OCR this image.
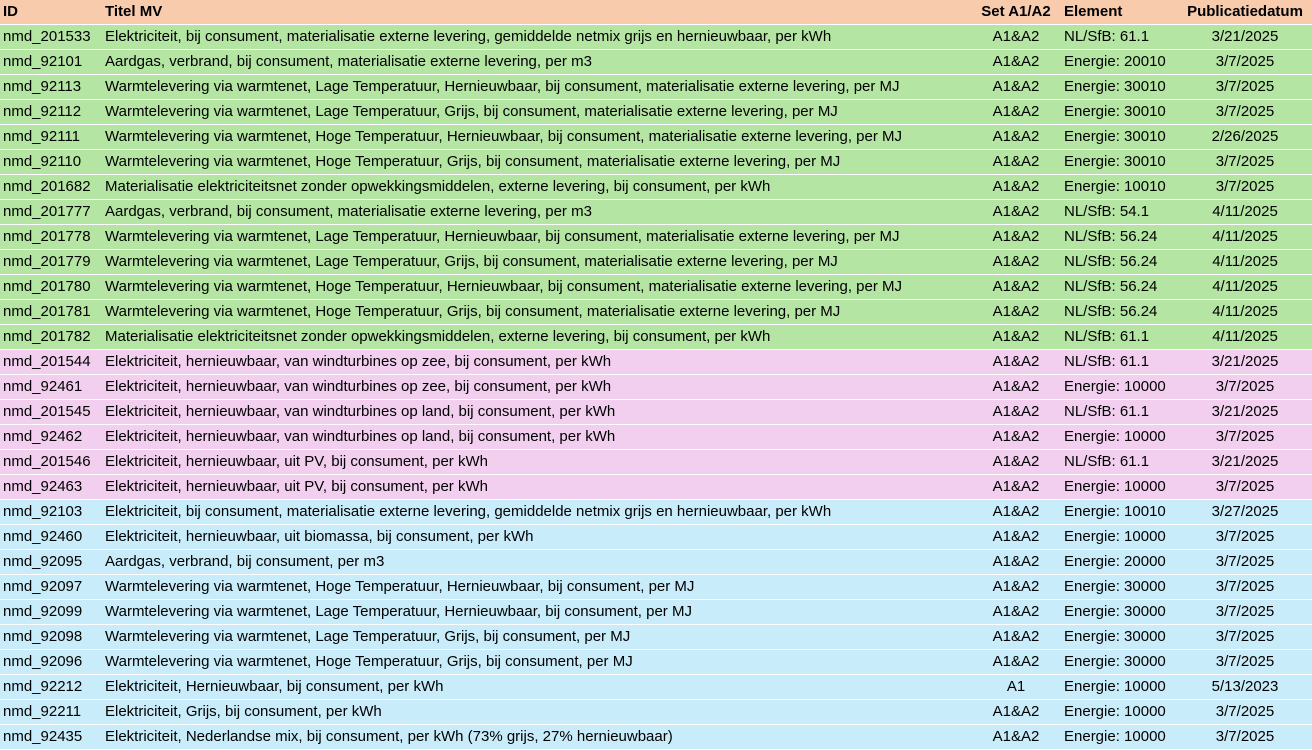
ID	Titel MV	Set A1/A2	Element	Publicatiedatum
nmd_201533	Elektriciteit, bij consument, materialisatie externe levering, gemiddelde netmix grijs en hernieuwbaar, per kWh	A1&A2	NL/SfB: 61.1	3/21/2025
nmd_92101	Aardgas, verbrand, bij consument, materialisatie externe levering, per m3	A1&A2	Energie: 20010	3/7/2025
nmd_92113	Warmtelevering via warmtenet, Lage Temperatuur, Hernieuwbaar, bij consument, materialisatie externe levering, per MJ	A1&A2	Energie: 30010	3/7/2025
nmd_92112	Warmtelevering via warmtenet, Lage Temperatuur, Grijs, bij consument, materialisatie externe levering, per MJ	A1&A2	Energie: 30010	3/7/2025
nmd_92111	Warmtelevering via warmtenet, Hoge Temperatuur, Hernieuwbaar, bij consument, materialisatie externe levering, per MJ	A1&A2	Energie: 30010	2/26/2025
nmd_92110	Warmtelevering via warmtenet, Hoge Temperatuur, Grijs, bij consument, materialisatie externe levering, per MJ	A1&A2	Energie: 30010	3/7/2025
nmd_201682	Materialisatie elektriciteitsnet zonder opwekkingsmiddelen, externe levering, bij consument, per kWh	A1&A2	Energie: 10010	3/7/2025
nmd_201777	Aardgas, verbrand, bij consument, materialisatie externe levering, per m3	A1&A2	NL/SfB: 54.1	4/11/2025
nmd_201778	Warmtelevering via warmtenet, Lage Temperatuur, Hernieuwbaar, bij consument, materialisatie externe levering, per MJ	A1&A2	NL/SfB: 56.24	4/11/2025
nmd_201779	Warmtelevering via warmtenet, Lage Temperatuur, Grijs, bij consument, materialisatie externe levering, per MJ	A1&A2	NL/SfB: 56.24	4/11/2025
nmd_201780	Warmtelevering via warmtenet, Hoge Temperatuur, Hernieuwbaar, bij consument, materialisatie externe levering, per MJ	A1&A2	NL/SfB: 56.24	4/11/2025
nmd_201781	Warmtelevering via warmtenet, Hoge Temperatuur, Grijs, bij consument, materialisatie externe levering, per MJ	A1&A2	NL/SfB: 56.24	4/11/2025
nmd_201782	Materialisatie elektriciteitsnet zonder opwekkingsmiddelen, externe levering, bij consument, per kWh	A1&A2	NL/SfB: 61.1	4/11/2025
nmd_201544	Elektriciteit, hernieuwbaar, van windturbines op zee, bij consument, per kWh	A1&A2	NL/SfB: 61.1	3/21/2025
nmd_92461	Elektriciteit, hernieuwbaar, van windturbines op zee, bij consument, per kWh	A1&A2	Energie: 10000	3/7/2025
nmd_201545	Elektriciteit, hernieuwbaar, van windturbines op land, bij consument, per kWh	A1&A2	NL/SfB: 61.1	3/21/2025
nmd_92462	Elektriciteit, hernieuwbaar, van windturbines op land, bij consument, per kWh	A1&A2	Energie: 10000	3/7/2025
nmd_201546	Elektriciteit, hernieuwbaar, uit PV, bij consument, per kWh	A1&A2	NL/SfB: 61.1	3/21/2025
nmd_92463	Elektriciteit, hernieuwbaar, uit PV, bij consument, per kWh	A1&A2	Energie: 10000	3/7/2025
nmd_92103	Elektriciteit, bij consument, materialisatie externe levering, gemiddelde netmix grijs en hernieuwbaar, per kWh	A1&A2	Energie: 10010	3/27/2025
nmd_92460	Elektriciteit, hernieuwbaar, uit biomassa, bij consument, per kWh	A1&A2	Energie: 10000	3/7/2025
nmd_92095	Aardgas, verbrand, bij consument, per m3	A1&A2	Energie: 20000	3/7/2025
nmd_92097	Warmtelevering via warmtenet, Hoge Temperatuur, Hernieuwbaar, bij consument, per MJ	A1&A2	Energie: 30000	3/7/2025
nmd_92099	Warmtelevering via warmtenet, Lage Temperatuur, Hernieuwbaar, bij consument, per MJ	A1&A2	Energie: 30000	3/7/2025
nmd_92098	Warmtelevering via warmtenet, Lage Temperatuur, Grijs, bij consument, per MJ	A1&A2	Energie: 30000	3/7/2025
nmd_92096	Warmtelevering via warmtenet, Hoge Temperatuur, Grijs, bij consument, per MJ	A1&A2	Energie: 30000	3/7/2025
nmd_92212	Elektriciteit, Hernieuwbaar, bij consument, per kWh	A1	Energie: 10000	5/13/2023
nmd_92211	Elektriciteit, Grijs, bij consument, per kWh	A1&A2	Energie: 10000	3/7/2025
nmd_92435	Elektriciteit, Nederlandse mix, bij consument, per kWh (73% grijs, 27% hernieuwbaar)	A1&A2	Energie: 10000	3/7/2025
